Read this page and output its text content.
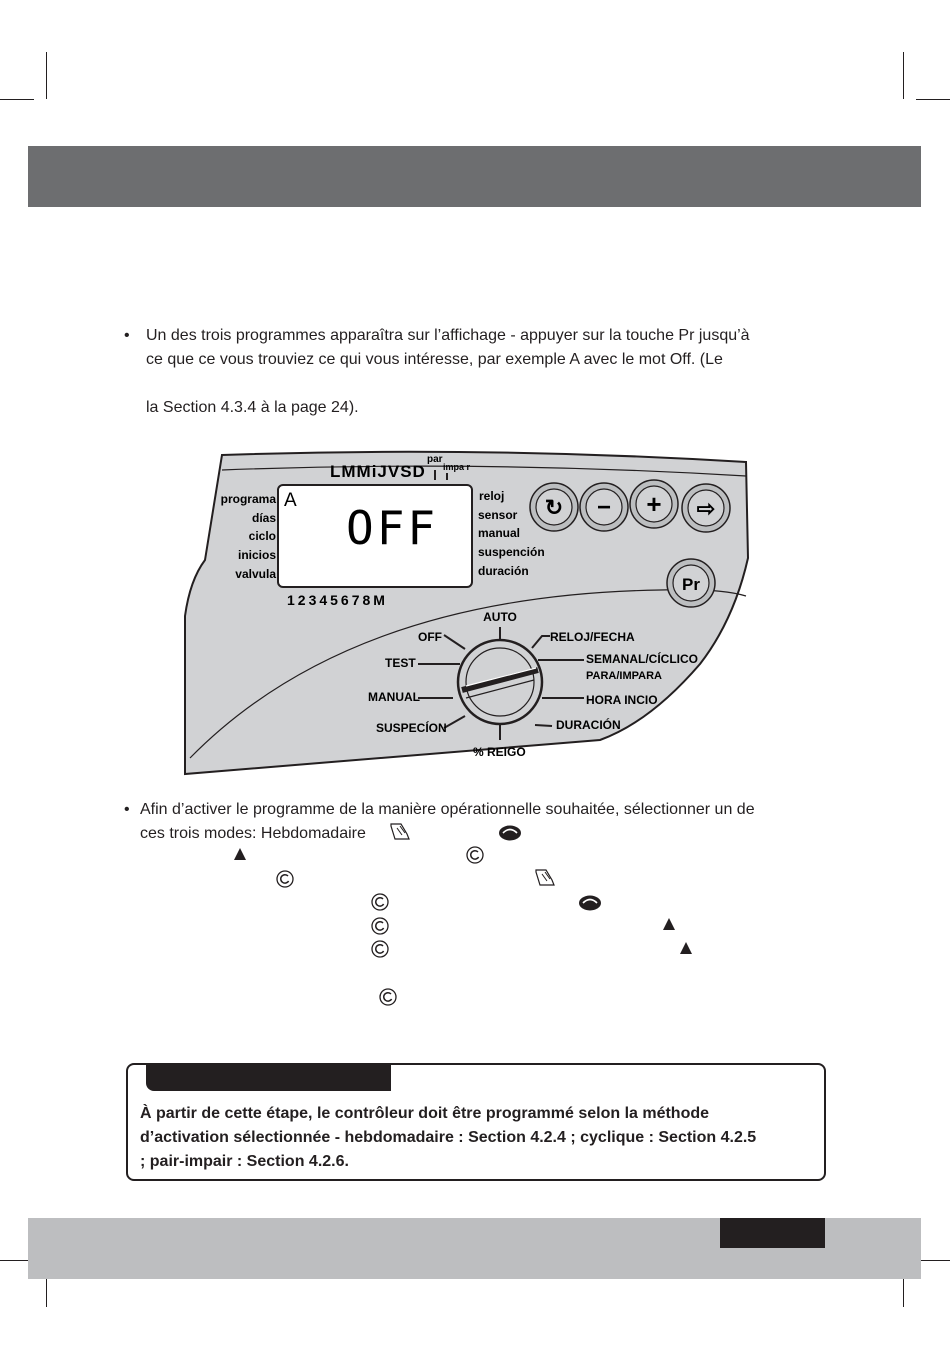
• Un des trois programmes apparaîtra sur l’affichage - appuyer sur la touche Pr jusqu’à
ce que ce vous trouviez ce qui vous intéresse, par exemple A avec le mot Off. (Le
la Section 4.3.4 à la page 24).
LMMiJVSD
par
impa r
A
OFF
programa
días
ciclo
inicios
valvula
reloj
sensor
manual
suspención
duración
12345678M
↻ − + ⇨
Pr
AUTO
OFF
TEST
MANUAL
SUSPECÍON
% REIGO
RELOJ/FECHA
SEMANAL/CÍCLICO
PARA/IMPARA
HORA INCIO
DURACIÓN
• Afin d’activer le programme de la manière opérationnelle souhaitée, sélectionner un de
ces trois modes: Hebdomadaire
À partir de cette étape, le contrôleur doit être programmé selon la méthode
d’activation sélectionnée - hebdomadaire : Section 4.2.4 ; cyclique : Section 4.2.5
; pair-impair : Section 4.2.6.
